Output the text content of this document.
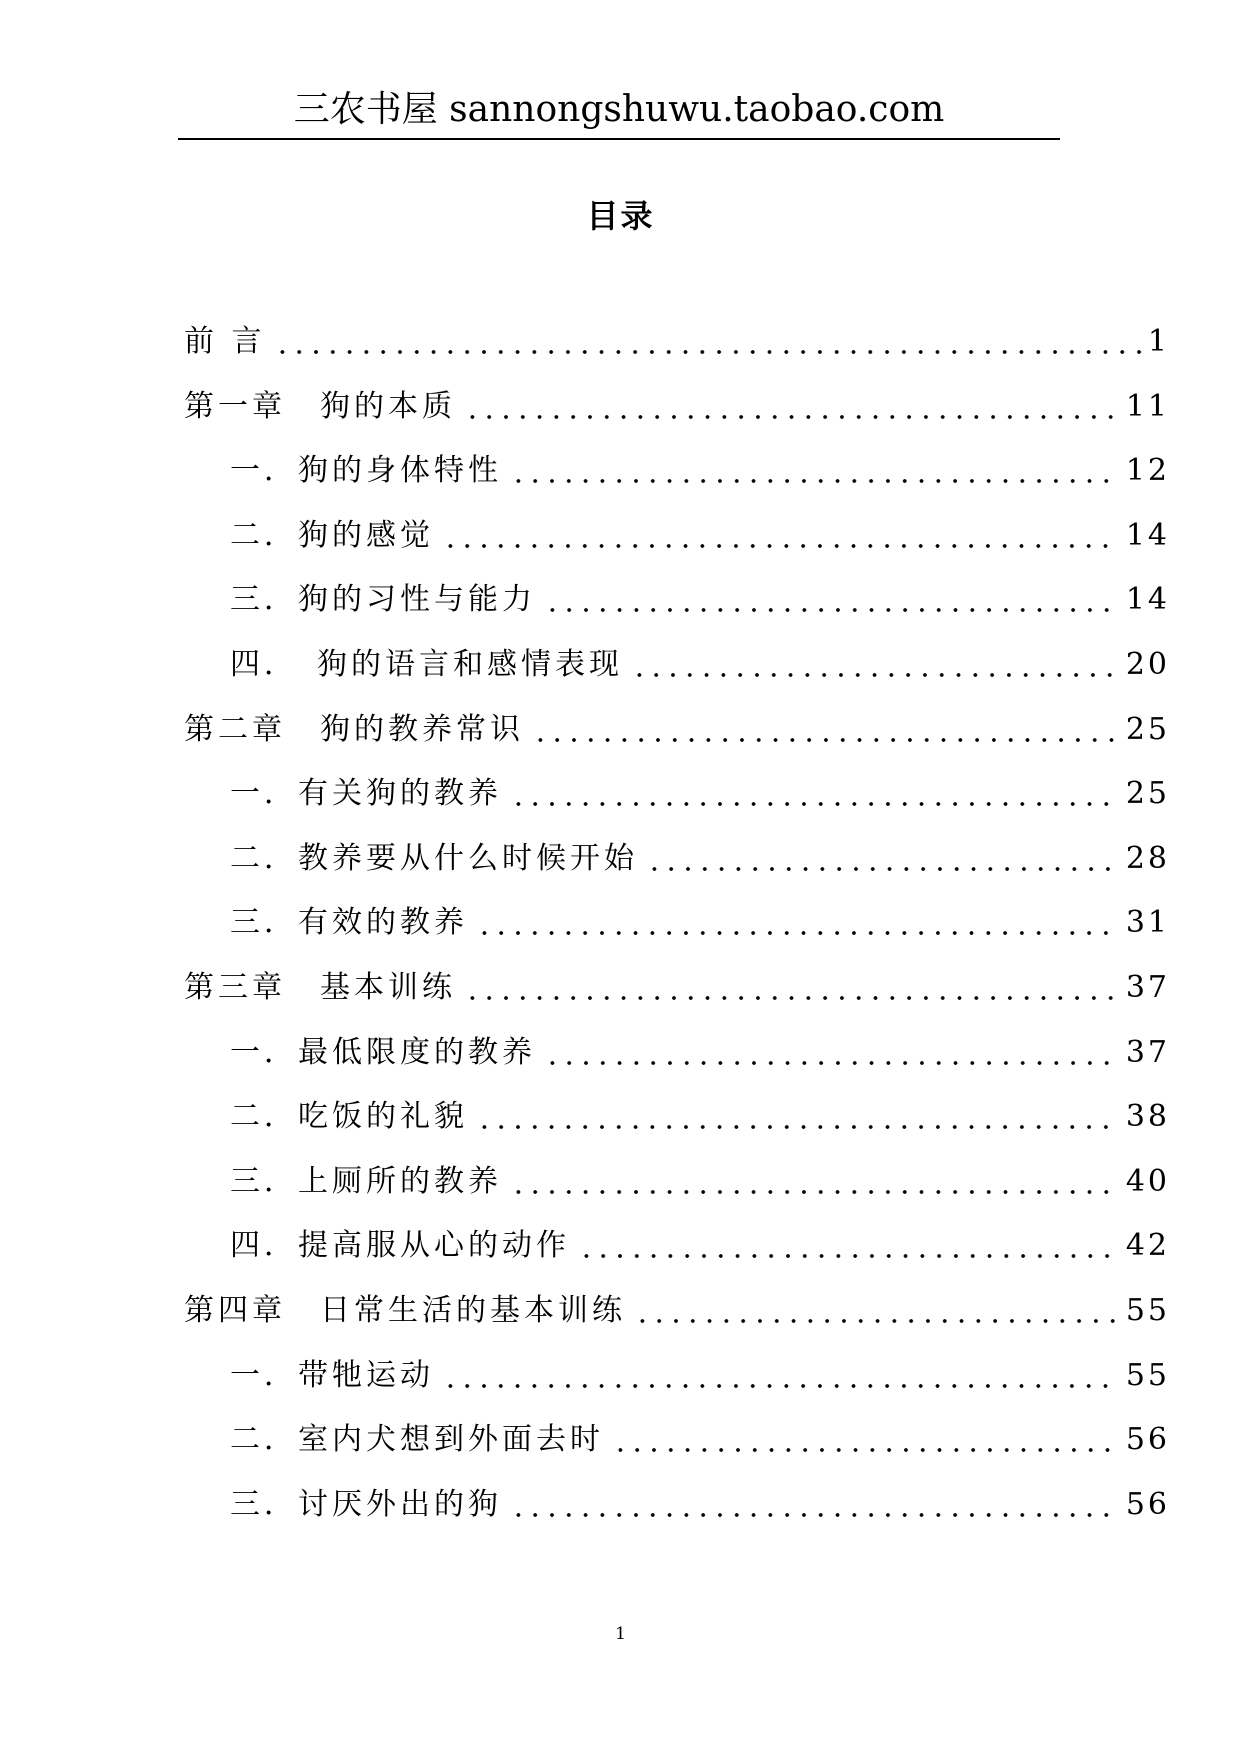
三农书屋 sannongshuwu.taobao.com
目录
前 言	1
第一章　狗的本质	11
一．狗的身体特性	12
二．狗的感觉	14
三．狗的习性与能力	14
四．　狗的语言和感情表现	20
第二章　狗的教养常识	25
一．有关狗的教养	25
二．教养要从什么时候开始	28
三．有效的教养	31
第三章　基本训练	37
一．最低限度的教养	37
二．吃饭的礼貌	38
三．上厕所的教养	40
四．提高服从心的动作	42
第四章　日常生活的基本训练	55
一．带牠运动	55
二．室内犬想到外面去时	56
三．讨厌外出的狗	56
1
